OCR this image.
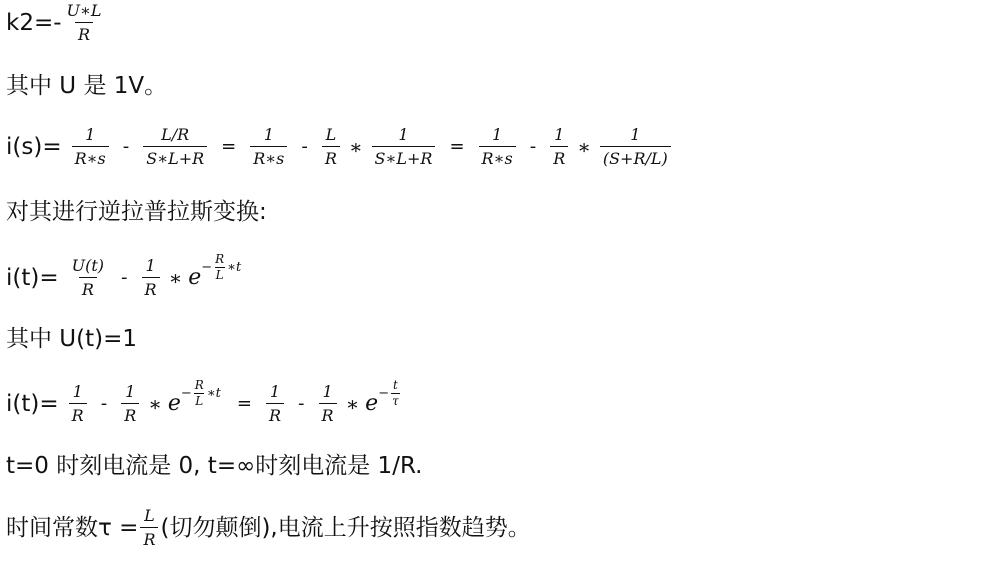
$k2=- \frac{U∗L}{R}$
其中 U 是 1V。
$i(s)= \frac{1}{R∗s} - \frac{L/R}{S∗L+R} = \frac{1}{R∗s} - \frac{L}{R}$ ∗ $\frac{1}{S∗L+R} = \frac{1}{R∗s} - \frac{1}{R}$ ∗ $\frac{1}{(S+R/L)}$
对其进行逆拉普拉斯变换:
$i(t)= \frac{U(t)}{R} - \frac{1}{R}$ ∗ $e - \frac{R}{L}$ ∗t
其中 U(t)=1
$i(t)= \frac{1}{R} - \frac{1}{R}$ ∗ $e - \frac{R}{L}$ ∗t = $\frac{1}{R} - \frac{1}{R}$ ∗ $e - \frac{t}{\tau}$
t=0 时刻电流是 0, t=∞时刻电流是 1/R.
时间常数$\tau = \frac{L}{R}$ (切勿颠倒),电流上升按照指数趋势。
